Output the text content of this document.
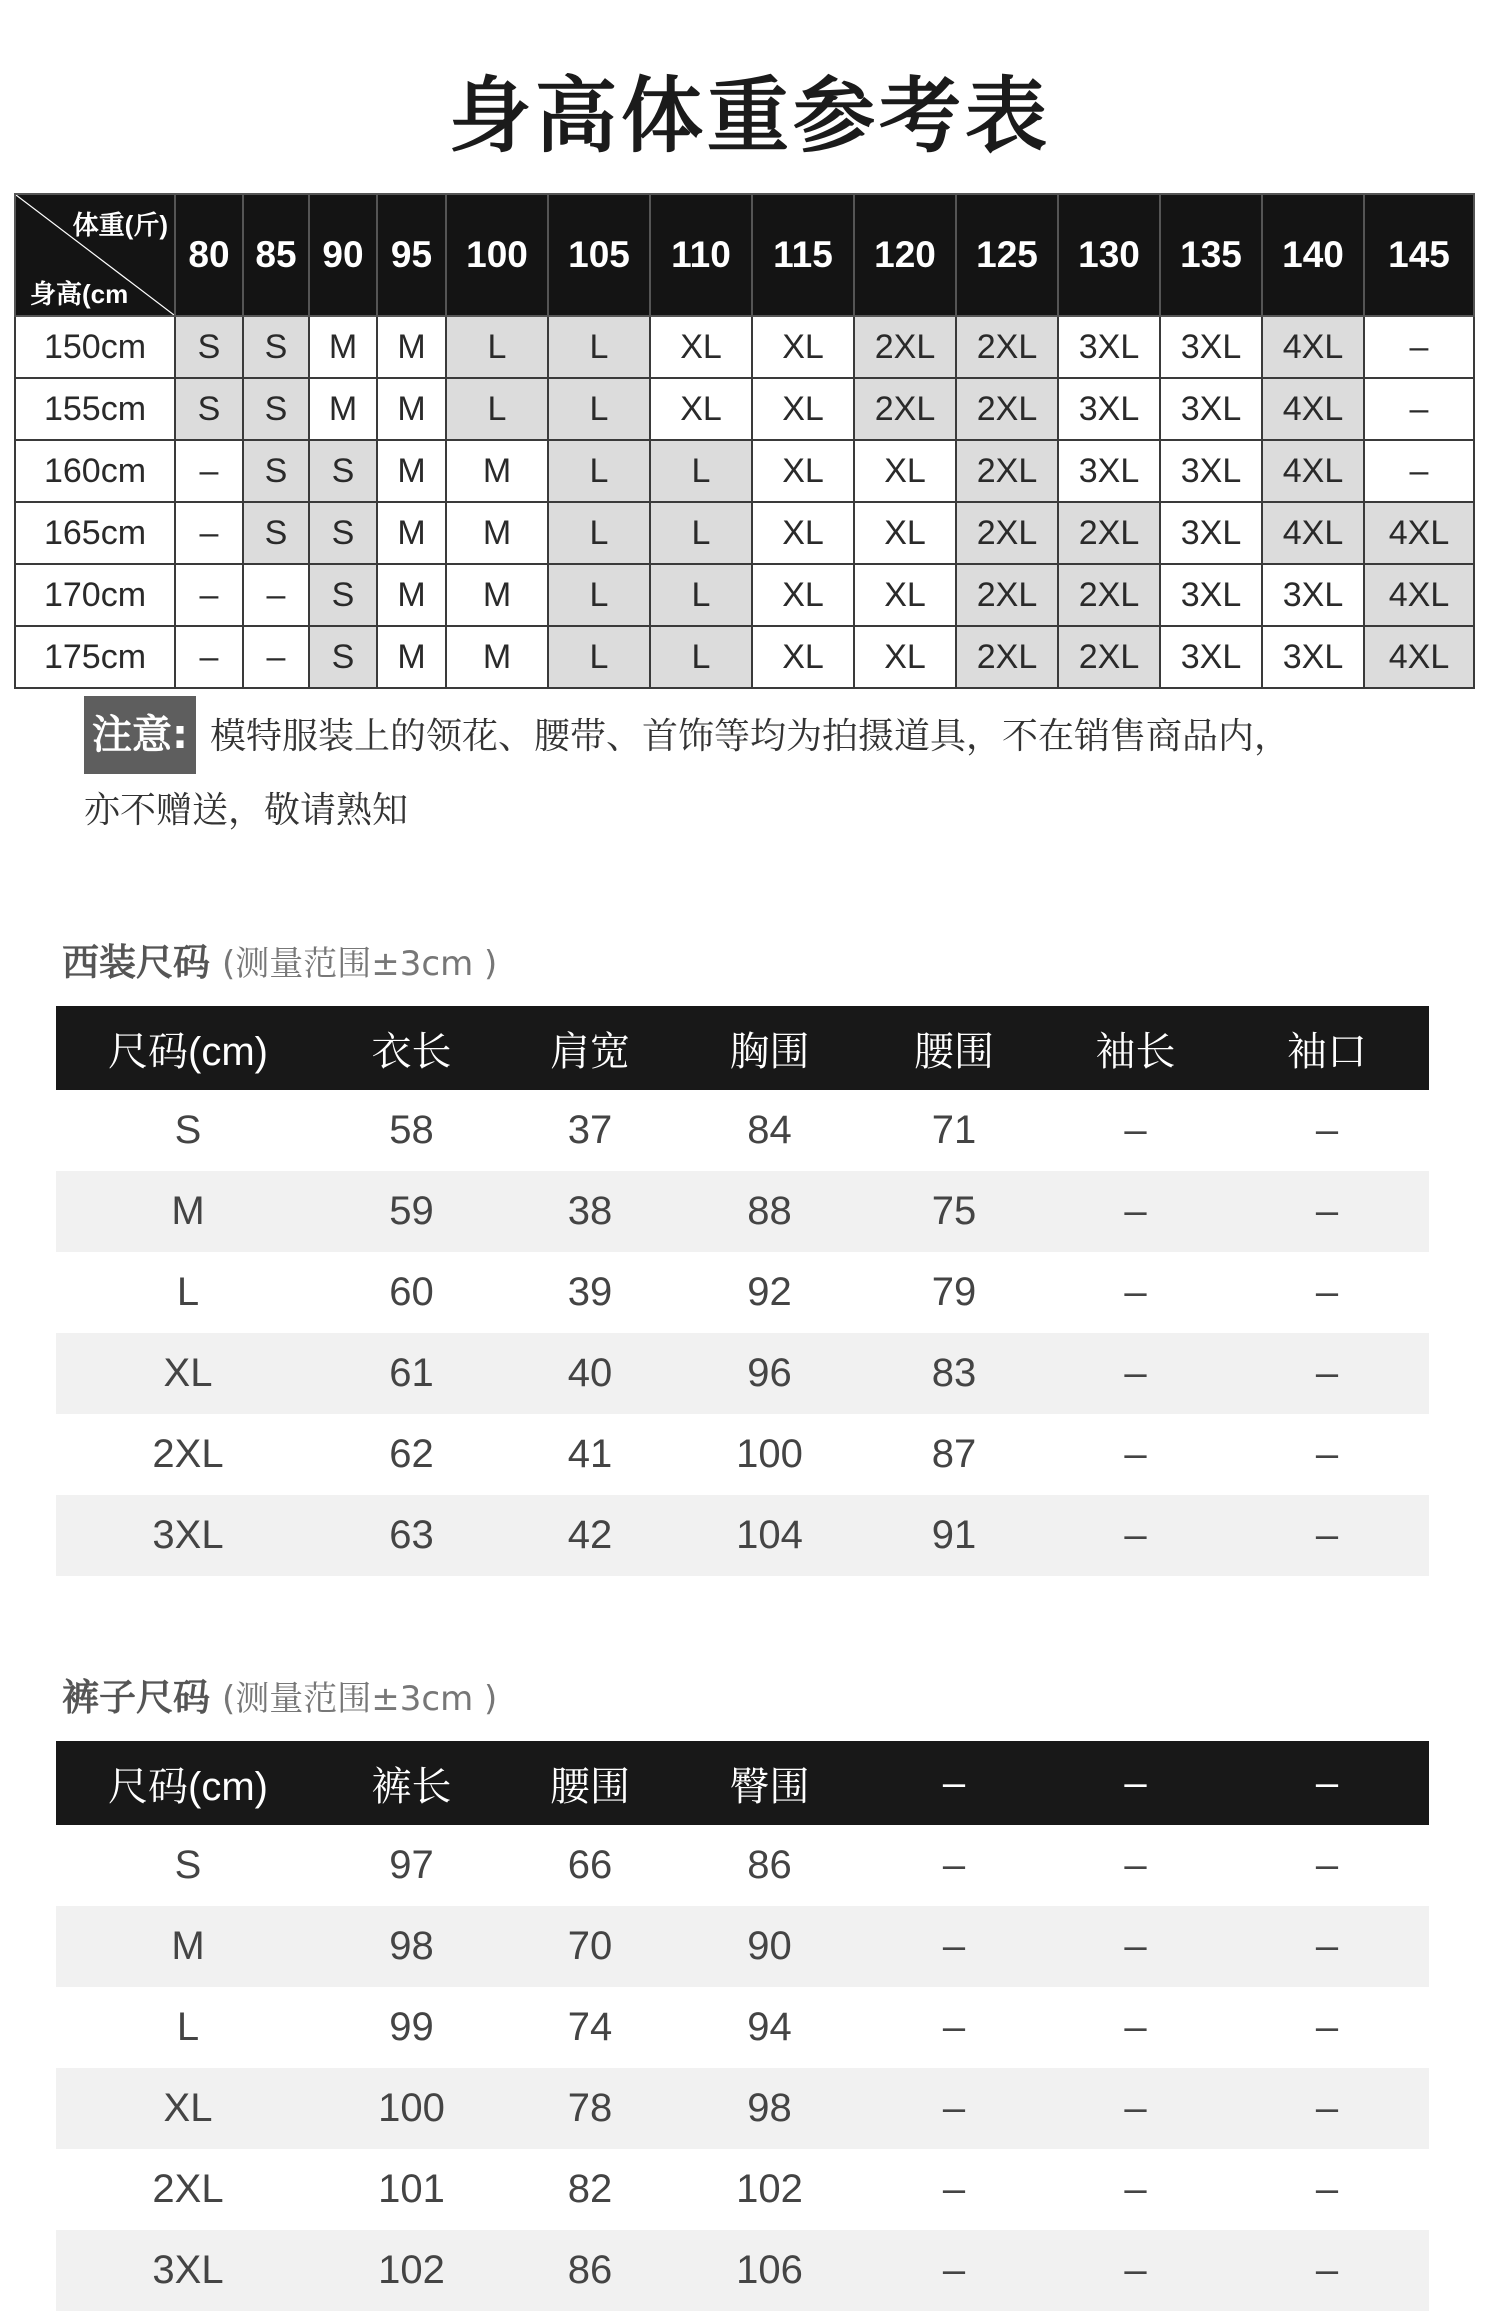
身高体重参考表
体重(斤)
身高(cm	80	85	90	95	100	105	110	115	120	125	130	135	140	145
150cm	S	S	M	M	L	L	XL	XL	2XL	2XL	3XL	3XL	4XL	–
155cm	S	S	M	M	L	L	XL	XL	2XL	2XL	3XL	3XL	4XL	–
160cm	–	S	S	M	M	L	L	XL	XL	2XL	3XL	3XL	4XL	–
165cm	–	S	S	M	M	L	L	XL	XL	2XL	2XL	3XL	4XL	4XL
170cm	–	–	S	M	M	L	L	XL	XL	2XL	2XL	3XL	3XL	4XL
175cm	–	–	S	M	M	L	L	XL	XL	2XL	2XL	3XL	3XL	4XL
注意: 模特服装上的领花、腰带、首饰等均为拍摄道具，不在销售商品内，
亦不赠送，敬请熟知
西装尺码 (测量范围±3cm )
尺码(cm)	衣长	肩宽	胸围	腰围	袖长	袖口
S	58	37	84	71	–	–
M	59	38	88	75	–	–
L	60	39	92	79	–	–
XL	61	40	96	83	–	–
2XL	62	41	100	87	–	–
3XL	63	42	104	91	–	–
裤子尺码 (测量范围±3cm )
尺码(cm)	裤长	腰围	臀围	–	–	–
S	97	66	86	–	–	–
M	98	70	90	–	–	–
L	99	74	94	–	–	–
XL	100	78	98	–	–	–
2XL	101	82	102	–	–	–
3XL	102	86	106	–	–	–
